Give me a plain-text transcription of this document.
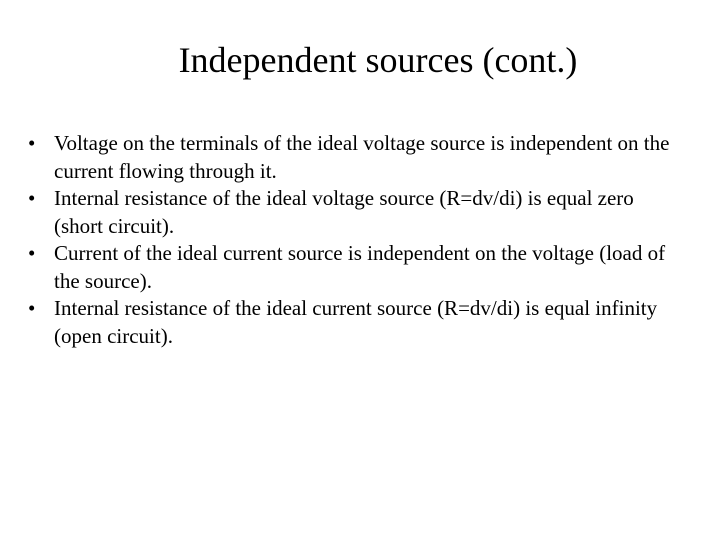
Independent sources (cont.)
• Voltage on the terminals of the ideal voltage source is independent on the current flowing through it.
• Internal resistance of the ideal voltage source (R=dv/di) is equal zero (short circuit).
• Current of the ideal current source is independent on the voltage (load of the source).
• Internal resistance of the ideal current source (R=dv/di) is equal infinity (open circuit).
